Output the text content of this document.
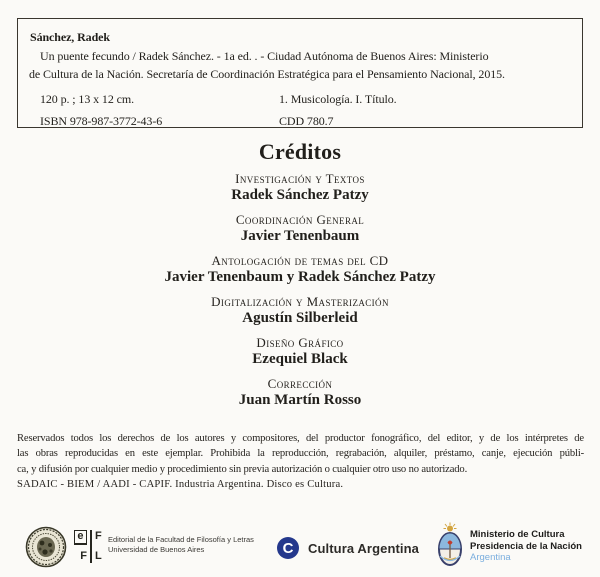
Sánchez, Radek
Un puente fecundo / Radek Sánchez. - 1a ed. . - Ciudad Autónoma de Buenos Aires: Ministerio
de Cultura de la Nación. Secretaría de Coordinación Estratégica para el Pensamiento Nacional, 2015.
120 p. ; 13 x 12 cm.	1. Musicología. I. Título.
ISBN 978-987-3772-43-6	CDD 780.7
Créditos
Investigación y Textos
Radek Sánchez Patzy
Coordinación General
Javier Tenenbaum
Antologación de temas del CD
Javier Tenenbaum y Radek Sánchez Patzy
Digitalización y Masterización
Agustín Silberleid
Diseño Gráfico
Ezequiel Black
Corrección
Juan Martín Rosso
Reservados todos los derechos de los autores y compositores, del productor fonográfico, del editor, y de los intérpretes de
las obras reproducidas en este ejemplar. Prohibida la reproducción, regrabación, alquiler, préstamo, canje, ejecución públi-
ca, y difusión por cualquier medio y procedimiento sin previa autorización o cualquier otro uso no autorizado.
SADAIC - BIEM / AADI - CAPIF. Industria Argentina. Disco es Cultura.
e
F
F
L
Editorial de la Facultad de Filosofía y Letras
Universidad de Buenos Aires	C	Cultura Argentina
Ministerio de Cultura
Presidencia de la Nación
Argentina
